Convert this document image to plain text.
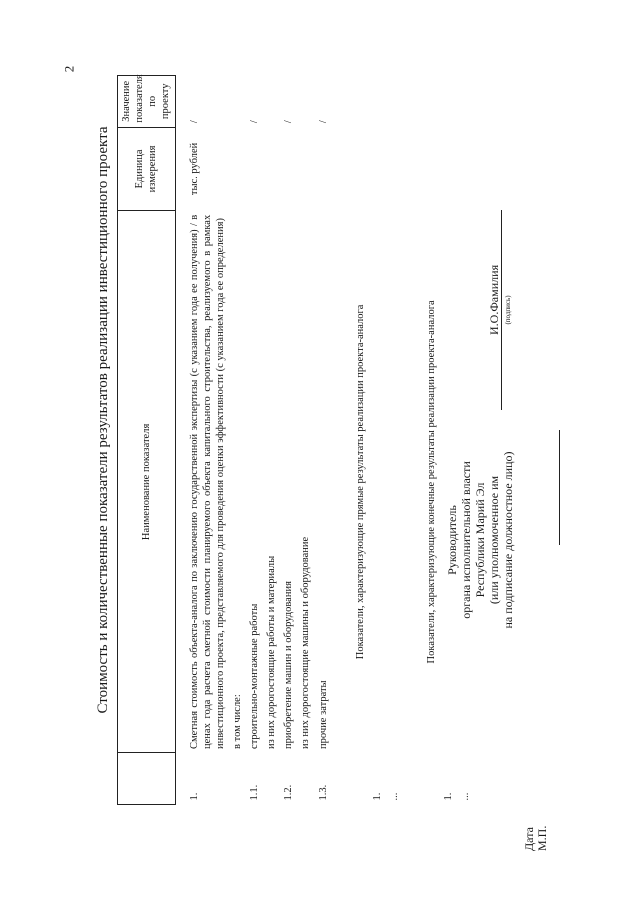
2
Стоимость и количественные показатели результатов реализации инвестиционного проекта
		Наименование показателя	Единица измерения	Значение показателя по проекту

1.	Сметная стоимость объекта-аналога по заключению государственной экспертизы (с указанием года ее получения) / в ценах года расчета сметной стоимости планируемого объекта капитального строительства, реализуемого в рамках инвестиционного проекта, представляемого для проведения оценки эффективности (с указанием года ее определения)	тыс. рублей	/
	в том числе:		
1.1.	строительно-монтажные работы		/
	из них дорогостоящие работы и материалы		
1.2.	приобретение машин и оборудования		/
	из них дорогостоящие машины и оборудование		
1.3.	прочие затраты		/
	Показатели, характеризующие прямые результаты реализации проекта-аналога		
1.			
...			
	Показатели, характеризующие конечные результаты реализации проекта-аналога		
1.			
...			
Руководитель органа исполнительной власти Республики Марий Эл (или уполномоченное им на подписание должностное лицо)
(подпись)
И.О.Фамилия
Дата М.П.
